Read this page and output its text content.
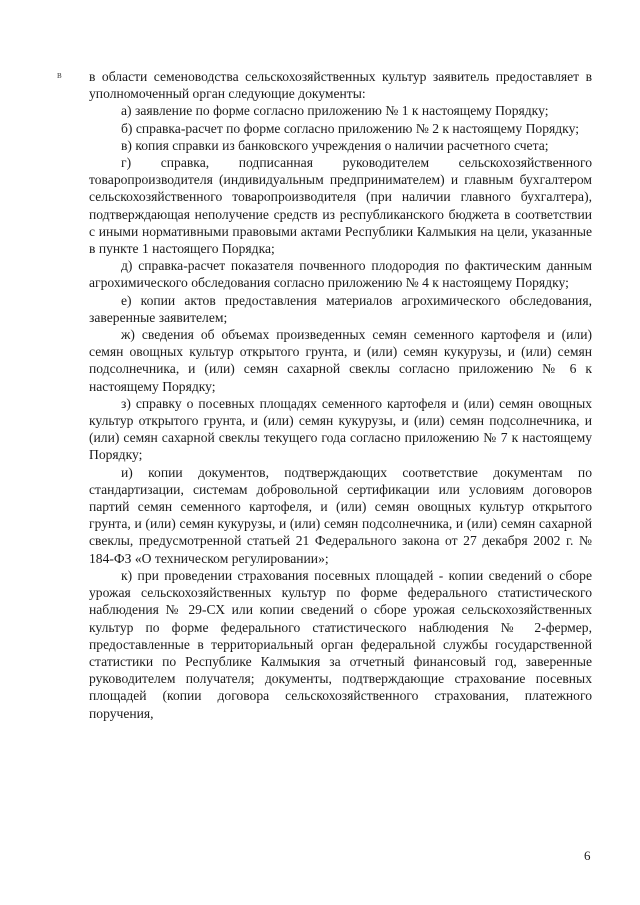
в в области семеноводства сельскохозяйственных культур заявитель предоставляет в уполномоченный орган следующие документы:

а) заявление по форме согласно приложению № 1 к настоящему Порядку;

б) справка-расчет по форме согласно приложению № 2 к настоящему Порядку;

в) копия справки из банковского учреждения о наличии расчетного счета;

г) справка, подписанная руководителем сельскохозяйственного товаропроизводителя (индивидуальным предпринимателем) и главным бухгалтером сельскохозяйственного товаропроизводителя (при наличии главного бухгалтера), подтверждающая неполучение средств из республиканского бюджета в соответствии с иными нормативными правовыми актами Республики Калмыкия на цели, указанные в пункте 1 настоящего Порядка;

д) справка-расчет показателя почвенного плодородия по фактическим данным агрохимического обследования согласно приложению № 4 к настоящему Порядку;

е) копии актов предоставления материалов агрохимического обследования, заверенные заявителем;

ж) сведения об объемах произведенных семян семенного картофеля и (или) семян овощных культур открытого грунта, и (или) семян кукурузы, и (или) семян подсолнечника, и (или) семян сахарной свеклы согласно приложению № 6 к настоящему Порядку;

з) справку о посевных площадях семенного картофеля и (или) семян овощных культур открытого грунта, и (или) семян кукурузы, и (или) семян подсолнечника, и (или) семян сахарной свеклы текущего года согласно приложению № 7 к настоящему Порядку;

и) копии документов, подтверждающих соответствие документам по стандартизации, системам добровольной сертификации или условиям договоров партий семян семенного картофеля, и (или) семян овощных культур открытого грунта, и (или) семян кукурузы, и (или) семян подсолнечника, и (или) семян сахарной свеклы, предусмотренной статьей 21 Федерального закона от 27 декабря 2002 г. № 184-ФЗ «О техническом регулировании»;

к) при проведении страхования посевных площадей - копии сведений о сборе урожая сельскохозяйственных культур по форме федерального статистического наблюдения № 29-СХ или копии сведений о сборе урожая сельскохозяйственных культур по форме федерального статистического наблюдения № 2-фермер, предоставленные в территориальный орган федеральной службы государственной статистики по Республике Калмыкия за отчетный финансовый год, заверенные руководителем получателя; документы, подтверждающие страхование посевных площадей (копии договора сельскохозяйственного страхования, платежного поручения,

6
